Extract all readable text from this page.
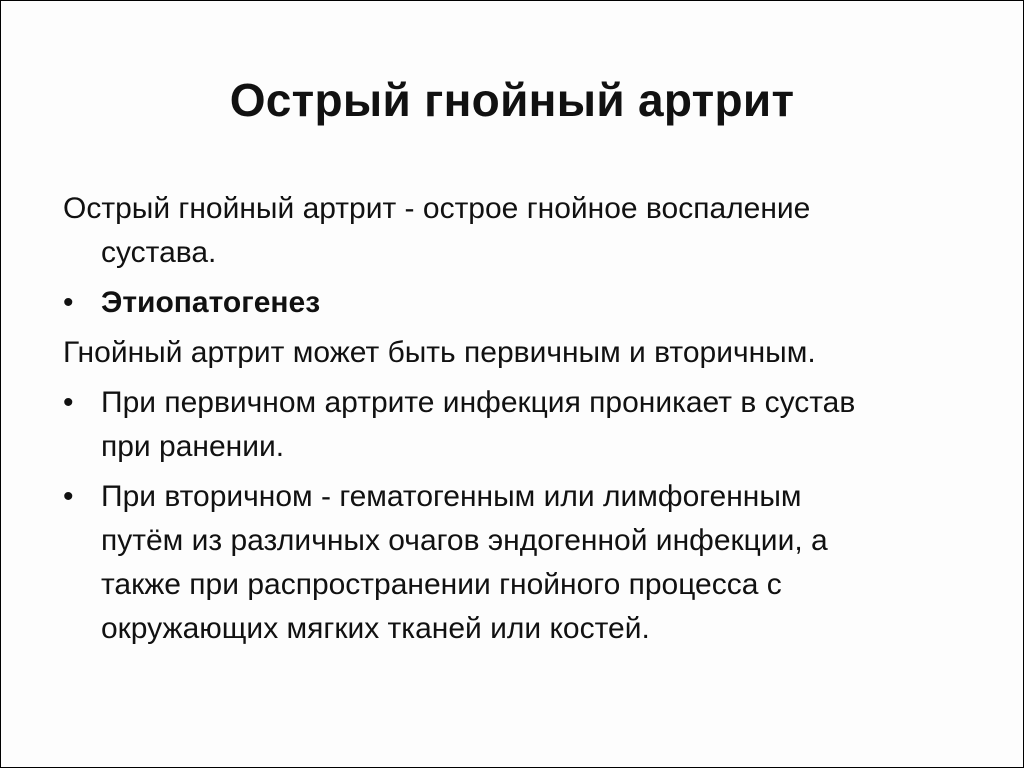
Острый гнойный артрит
Острый гнойный артрит - острое гнойное воспаление
сустава.
• Этиопатогенез
Гнойный артрит может быть первичным и вторичным.
• При первичном артрите инфекция проникает в сустав
при ранении.
• При вторичном - гематогенным или лимфогенным
путём из различных очагов эндогенной инфекции, а
также при распространении гнойного процесса с
окружающих мягких тканей или костей.
